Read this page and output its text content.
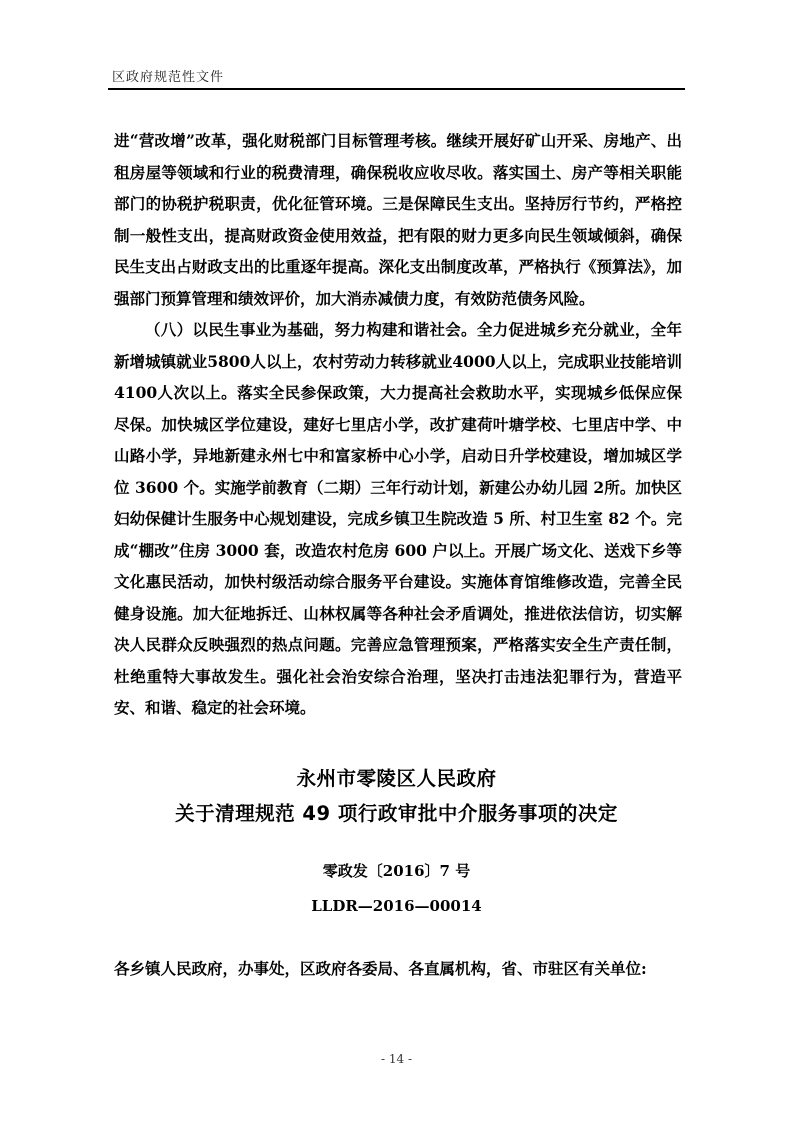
区政府规范性文件

进“营改增”改革，强化财税部门目标管理考核。继续开展好矿山开采、房地产、出租房屋等领域和行业的税费清理，确保税收应收尽收。落实国土、房产等相关职能部门的协税护税职责，优化征管环境。三是保障民生支出。坚持厉行节约，严格控制一般性支出，提高财政资金使用效益，把有限的财力更多向民生领域倾斜，确保民生支出占财政支出的比重逐年提高。深化支出制度改革，严格执行《预算法》，加强部门预算管理和绩效评价，加大消赤减债力度，有效防范债务风险。

（八）以民生事业为基础，努力构建和谐社会。全力促进城乡充分就业，全年新增城镇就业5800人以上，农村劳动力转移就业4000人以上，完成职业技能培训4100人次以上。落实全民参保政策，大力提高社会救助水平，实现城乡低保应保尽保。加快城区学位建设，建好七里店小学，改扩建荷叶塘学校、七里店中学、中山路小学，异地新建永州七中和富家桥中心小学，启动日升学校建设，增加城区学位 3600 个。实施学前教育（二期）三年行动计划，新建公办幼儿园 2所。加快区妇幼保健计生服务中心规划建设，完成乡镇卫生院改造 5 所、村卫生室 82 个。完成“棚改”住房 3000 套，改造农村危房 600 户以上。开展广场文化、送戏下乡等文化惠民活动，加快村级活动综合服务平台建设。实施体育馆维修改造，完善全民健身设施。加大征地拆迁、山林权属等各种社会矛盾调处，推进依法信访，切实解决人民群众反映强烈的热点问题。完善应急管理预案，严格落实安全生产责任制，杜绝重特大事故发生。强化社会治安综合治理，坚决打击违法犯罪行为，营造平安、和谐、稳定的社会环境。

永州市零陵区人民政府
关于清理规范 49 项行政审批中介服务事项的决定
零政发〔2016〕7 号
LLDR—2016—00014
各乡镇人民政府，办事处，区政府各委局、各直属机构，省、市驻区有关单位:
- 14 -
